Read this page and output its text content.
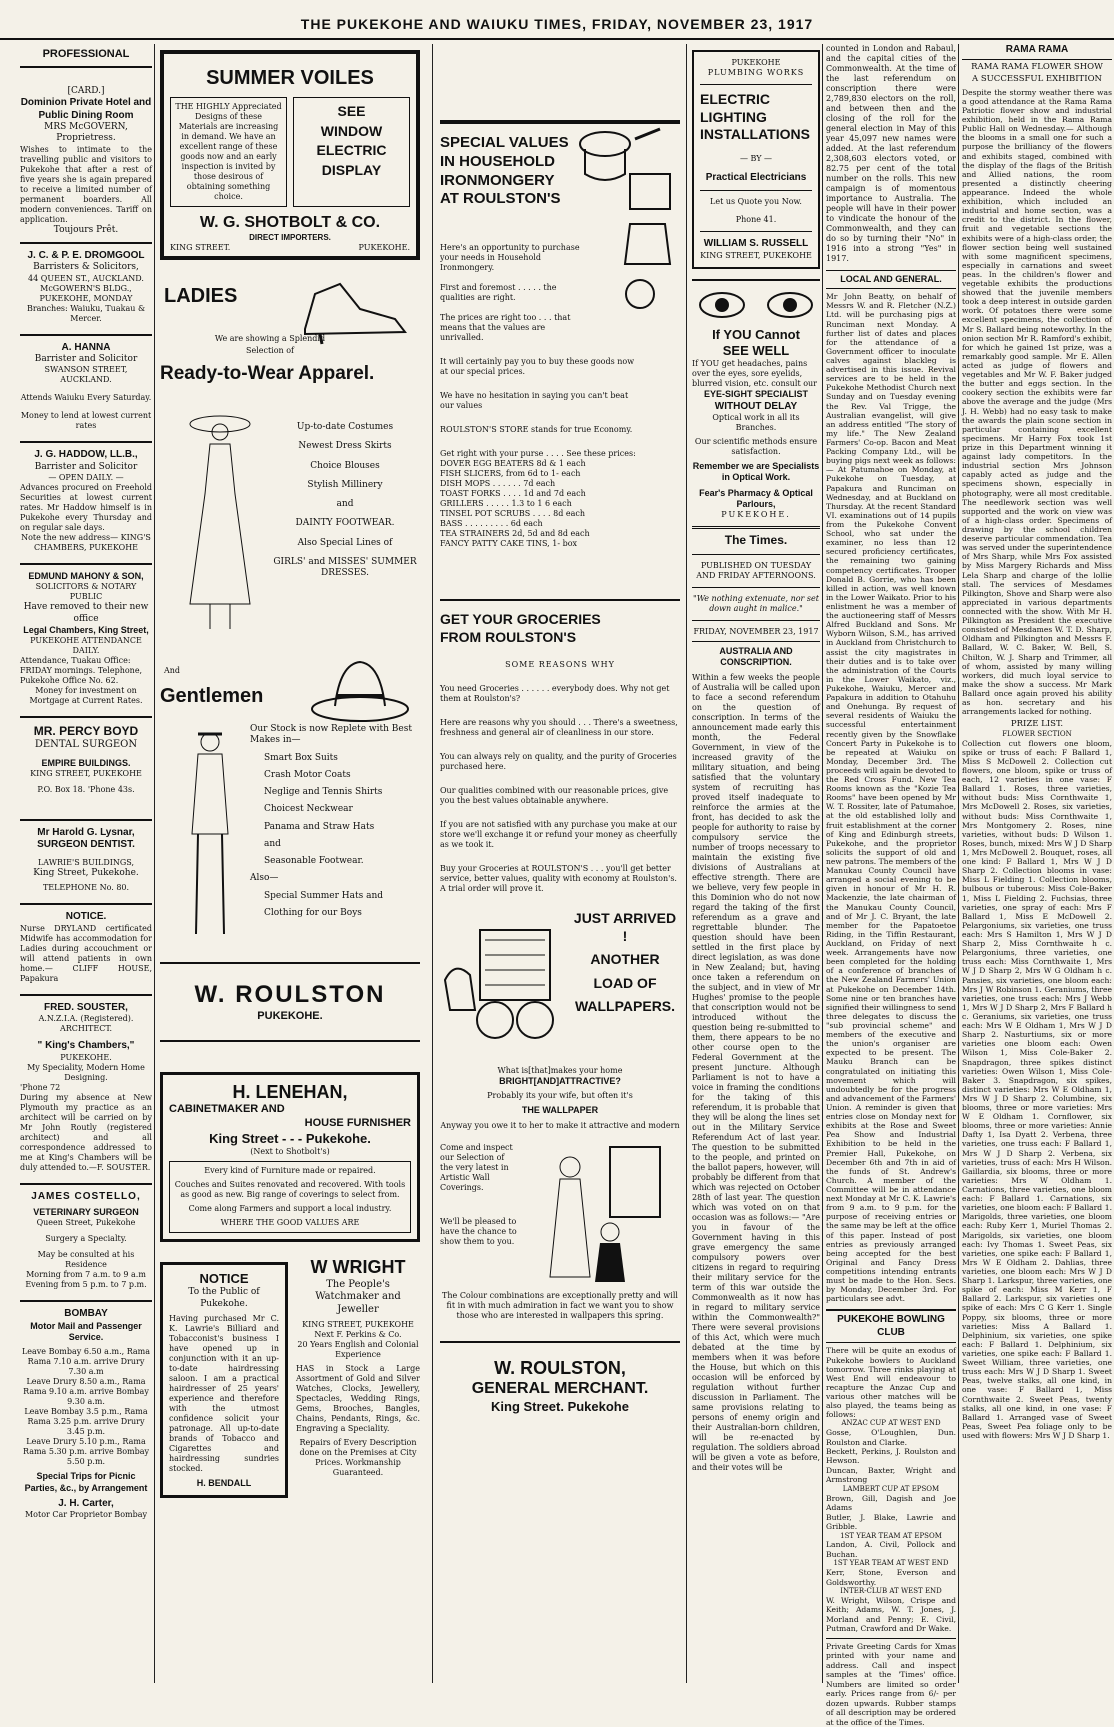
THE PUKEKOHE AND WAIUKU TIMES, FRIDAY, NOVEMBER 23, 1917
PROFESSIONAL
[CARD.]
Dominion Private Hotel and Public Dining Room
MRS McGOVERN, Proprietress.
Wishes to intimate to the travelling public and visitors to Pukekohe that after a rest of five years she is again prepared to receive a limited number of permanent boarders. All modern conveniences. Tariff on application.
Toujours Prêt.
J. C. & P. E. DROMGOOL
Barristers & Solicitors,
44 QUEEN ST., AUCKLAND. McGOWERN'S BLDG., PUKEKOHE, MONDAY
Branches: Waiuku, Tuakau & Mercer.
A. HANNA
Barrister and Solicitor
SWANSON STREET, AUCKLAND.
Attends Waiuku Every Saturday.
Money to lend at lowest current rates
J. G. HADDOW, LL.B.,
Barrister and Solicitor
— OPEN DAILY. —
Advances procured on Freehold Securities at lowest current rates. Mr Haddow himself is in Pukekohe every Thursday and on regular sale days.
Note the new address— KING'S CHAMBERS, PUKEKOHE
EDMUND MAHONY & SON,
SOLICITORS & NOTARY PUBLIC
Have removed to their new office
Legal Chambers, King Street,
PUKEKOHE ATTENDANCE DAILY.
Attendance, Tuakau Office: FRIDAY mornings. Telephone, Pukekohe Office No. 62.
Money for investment on Mortgage at Current Rates.
MR. PERCY BOYD
DENTAL SURGEON
EMPIRE BUILDINGS.
KING STREET, PUKEKOHE
P.O. Box 18. 'Phone 43s.
Mr Harold G. Lysnar,
SURGEON DENTIST.
LAWRIE'S BUILDINGS,
King Street, Pukekohe.
TELEPHONE No. 80.
NOTICE.
Nurse DRYLAND certificated Midwife has accommodation for Ladies during accouchment or will attend patients in own home.— CLIFF HOUSE, Papakura
FRED. SOUSTER,
A.N.Z.I.A. (Registered). ARCHITECT.
" King's Chambers,"
PUKEKOHE.
My Speciality, Modern Home Designing.
'Phone 72
During my absence at New Plymouth my practice as an architect will be carried on by Mr John Routly (registered architect) and all correspondence addressed to me at King's Chambers will be duly attended to.—F. SOUSTER.
JAMES COSTELLO,
VETERINARY SURGEON
Queen Street, Pukekohe
Surgery a Specialty.
May be consulted at his Residence
Morning from 7 a.m. to 9 a.m
Evening from 5 p.m. to 7 p.m.
BOMBAY
Motor Mail and Passenger Service.
Leave Bombay 6.50 a.m., Rama Rama 7.10 a.m. arrive Drury 7.30 a.m
Leave Drury 8.50 a.m., Rama Rama 9.10 a.m. arrive Bombay 9.30 a.m.
Leave Bombay 3.5 p.m., Rama Rama 3.25 p.m. arrive Drury 3.45 p.m.
Leave Drury 5.10 p.m., Rama Rama 5.30 p.m. arrive Bombay 5.50 p.m.
Special Trips for Picnic Parties, &c., by Arrangement
J. H. Carter,
Motor Car Proprietor Bombay
SUMMER VOILES
THE HIGHLY Appreciated Designs of these Materials are increasing in demand. We have an excellent range of these goods now and an early inspection is invited by those desirous of obtaining something choice.
SEE
WINDOW
ELECTRIC
DISPLAY
W. G. SHOTBOLT & CO.
DIRECT IMPORTERS.
KING STREET.	PUKEKOHE.
LADIES
We are showing a Splendid
Selection of
Ready-to-Wear Apparel.
Up-to-date Costumes
Newest Dress Skirts
Choice Blouses
Stylish Millinery
and
DAINTY FOOTWEAR.
Also Special Lines of
GIRLS' and MISSES' SUMMER DRESSES.
And
Gentlemen
Our Stock is now Replete with Best Makes in—
Smart Box Suits
Crash Motor Coats
Neglige and Tennis Shirts
Choicest Neckwear
Panama and Straw Hats
and
Seasonable Footwear.
Also—
Special Summer Hats and
Clothing for our Boys
W. ROULSTON
PUKEKOHE.
H. LENEHAN,
CABINETMAKER AND
HOUSE FURNISHER
King Street - - - Pukekohe.
(Next to Shotbolt's)
Every kind of Furniture made or repaired.
Couches and Suites renovated and recovered. With tools as good as new. Big range of coverings to select from.
Come along Farmers and support a local industry.
WHERE THE GOOD VALUES ARE
NOTICE
To the Public of Pukekohe.
Having purchased Mr C. K. Lawrie's Billiard and Tobacconist's business I have opened up in conjunction with it an up-to-date hairdressing saloon. I am a practical hairdresser of 25 years' experience and therefore with the utmost confidence solicit your patronage. All up-to-date brands of Tobacco and Cigarettes and hairdressing sundries stocked.
H. BENDALL
W WRIGHT
The People's Watchmaker and Jeweller
KING STREET, PUKEKOHE
Next F. Perkins & Co.
20 Years English and Colonial Experience
HAS in Stock a Large Assortment of Gold and Silver Watches, Clocks, Jewellery, Spectacles, Wedding Rings, Gems, Brooches, Bangles, Chains, Pendants, Rings, &c. Engraving a Speciality.
Repairs of Every Description done on the Premises at City Prices. Workmanship Guaranteed.
SPECIAL VALUES
IN HOUSEHOLD
IRONMONGERY
AT ROULSTON'S
Here's an opportunity to purchase your needs in Household Ironmongery.
First and foremost . . . . . the qualities are right.
The prices are right too . . . that means that the values are unrivalled.
It will certainly pay you to buy these goods now at our special prices.
We have no hesitation in saying you can't beat our values
ROULSTON'S STORE stands for true Economy.
Get right with your purse . . . . See these prices:
DOVER EGG BEATERS 8d & 1 each
FISH SLICERS, from 6d to 1- each
DISH MOPS . . . . . . 7d each
TOAST FORKS . . . . 1d and 7d each
GRILLERS . . . . . 1.3 to 1 6 each
TINSEL POT SCRUBS . . . . 8d each
BASS . . . . . . . . . 6d each
TEA STRAINERS 2d, 5d and 8d each
FANCY PATTY CAKE TINS, 1- box
GET YOUR GROCERIES
FROM ROULSTON'S
SOME REASONS WHY
You need Groceries . . . . . . everybody does. Why not get them at Roulston's?
Here are reasons why you should . . . There's a sweetness, freshness and general air of cleanliness in our store.
You can always rely on quality, and the purity of Groceries purchased here.
Our qualities combined with our reasonable prices, give you the best values obtainable anywhere.
If you are not satisfied with any purchase you make at our store we'll exchange it or refund your money as cheerfully as we took it.
Buy your Groceries at ROULSTON'S . . . you'll get better service, better values, quality with economy at Roulston's. A trial order will prove it.
JUST ARRIVED !
ANOTHER
LOAD OF
WALLPAPERS.
What is[that]makes your home
BRIGHT[AND]ATTRACTIVE?
Probably its your wife, but often it's
THE WALLPAPER
Anyway you owe it to her to make it attractive and modern
Come and inspect our Selection of the very latest in Artistic Wall Coverings.
We'll be pleased to have the chance to show them to you.
The Colour combinations are exceptionally pretty and will fit in with much admiration in fact we want you to show those who are interested in wallpapers this spring.
W. ROULSTON,
GENERAL MERCHANT.
King Street. Pukekohe
PUKEKOHE
PLUMBING WORKS
ELECTRIC
LIGHTING
INSTALLATIONS
— BY —
Practical Electricians
Let us Quote you Now.
Phone 41.
WILLIAM S. RUSSELL
KING STREET, PUKEKOHE
If YOU Cannot
SEE WELL
If YOU get headaches, pains over the eyes, sore eyelids, blurred vision, etc. consult our
EYE-SIGHT SPECIALIST
WITHOUT DELAY
Optical work in all its Branches.
Our scientific methods ensure satisfaction.
Remember we are Specialists in Optical Work.
Fear's Pharmacy & Optical Parlours,
PUKEKOHE.
The Times.
PUBLISHED ON TUESDAY AND FRIDAY AFTERNOONS.
"We nothing extenuate, nor set down aught in malice."
FRIDAY, NOVEMBER 23, 1917
AUSTRALIA AND CONSCRIPTION.
Within a few weeks the people of Australia will be called upon to face a second referendum on the question of conscription. In terms of the announcement made early this month, the Federal Government, in view of the increased gravity of the military situation, and being satisfied that the voluntary system of recruiting has proved itself inadequate to reinforce the armies at the front, has decided to ask the people for authority to raise by compulsory service the number of troops necessary to maintain the existing five divisions of Australians at effective strength. There are we believe, very few people in this Dominion who do not now regard the taking of the first referendum as a grave and regrettable blunder. The question should have been settled in the first place by direct legislation, as was done in New Zealand; but, having once taken a referendum on the subject, and in view of Mr Hughes' promise to the people that conscription would not be introduced without the question being re-submitted to them, there appears to be no other course open to the Federal Government at the present juncture. Although Parliament is not to have a voice in framing the conditions for the taking of this referendum, it is probable that they will be along the lines set out in the Military Service Referendum Act of last year. The question to be submitted to the people, and printed on the ballot papers, however, will probably be different from that which was rejected on October 28th of last year. The question which was voted on on that occasion was as follows:— "Are you in favour of the Government having in this grave emergency the same compulsory powers over citizens in regard to requiring their military service for the term of this war outside the Commonwealth as it now has in regard to military service within the Commonwealth?" There were several provisions of this Act, which were much debated at the time by members when it was before the House, but which on this occasion will be enforced by regulation without further discussion in Parliament. The same provisions relating to persons of enemy origin and their Australian-born children, will be re-enacted by regulation. The soldiers abroad will be given a vote as before, and their votes will be
counted in London and Rabaul, and the capital cities of the Commonwealth. At the time of the last referendum on conscription there were 2,789,830 electors on the roll, and between then and the closing of the roll for the general election in May of this year 45,097 new names were added. At the last referendum 2,308,603 electors voted, or 82.75 per cent of the total number on the rolls. This new campaign is of momentous importance to Australia. The people will have in their power to vindicate the honour of the Commonwealth, and they can do so by turning their "No" in 1916 into a strong "Yes" in 1917.
LOCAL AND GENERAL.
Mr John Beatty, on behalf of Messrs W. and R. Fletcher (N.Z.) Ltd. will be purchasing pigs at Runciman next Monday. A further list of dates and places for the attendance of a Government officer to inoculate calves against blackleg is advertised in this issue. Revival services are to be held in the Pukekohe Methodist Church next Sunday and on Tuesday evening the Rev. Val Trigge, the Australian evangelist, will give an address entitled "The story of my life." The New Zealand Farmers' Co-op. Bacon and Meat Packing Company Ltd., will be buying pigs next week as follows:— At Patumahoe on Monday, at Pukekohe on Tuesday, at Papakura and Runciman on Wednesday, and at Buckland on Thursday. At the recent Standard VI. examinations out of 14 pupils from the Pukekohe Convent School, who sat under the examiner, no less than 12 secured proficiency certificates, the remaining two gaining competency certificates. Trooper Donald B. Gorrie, who has been killed in action, was well known in the Lower Waikato. Prior to his enlistment he was a member of the auctioneering staff of Messrs Alfred Buckland and Sons. Mr Wyborn Wilson, S.M., has arrived in Auckland from Christchurch to assist the city magistrates in their duties and is to take over the administration of the Courts in the Lower Waikato, viz., Pukekohe, Waiuku, Mercer and Papakura in addition to Otahuhu and Onehunga. By request of several residents of Waiuku the successful entertainment recently given by the Snowflake Concert Party in Pukekohe is to be repeated at Waiuku on Monday, December 3rd. The proceeds will again be devoted to the Red Cross Fund. New Tea Rooms known as the "Kozie Tea Rooms" have been opened by Mr W. T. Rossiter, late of Patumahoe, at the old established lolly and fruit establishment at the corner of King and Edinburgh streets, Pukekohe, and the proprietor solicits the support of old and new patrons. The members of the Manukau County Council have arranged a social evening to be given in honour of Mr H. R. Mackenzie, the late chairman of the Manukau County Council, and of Mr J. C. Bryant, the late member for the Papatoetoe Riding, in the Tiffin Restaurant, Auckland, on Friday of next week. Arrangements have now been completed for the holding of a conference of branches of the New Zealand Farmers' Union at Pukekohe on December 14th. Some nine or ten branches have signified their willingness to send three delegates to discuss the "sub provincial scheme" and members of the executive and the union's organiser are expected to be present. The Mauku Branch can be congratulated on initiating this movement which will undoubtedly be for the progress and advancement of the Farmers' Union. A reminder is given that entries close on Monday next for exhibits at the Rose and Sweet Pea Show and Industrial Exhibition to be held in the Premier Hall, Pukekohe, on December 6th and 7th in aid of the funds of St. Andrew's Church. A member of the Committee will be in attendance next Monday at Mr C. K. Lawrie's from 9 a.m. to 9 p.m. for the purpose of receiving entries or the same may be left at the office of this paper. Instead of post entries as previously arranged being accepted for the best Original and Fancy Dress competitions intending entrants must be made to the Hon. Secs. by Monday, December 3rd. For particulars see advt.
PUKEKOHE BOWLING CLUB
There will be quite an exodus of Pukekohe bowlers to Auckland tomorrow. Three rinks playing at West End will endeavour to recapture the Anzac Cup and various other matches will be also played, the teams being as follows:
ANZAC CUP AT WEST END
Gosse, O'Loughlen, Dun. Roulston and Clarke.
Beckett, Perkins, J. Roulston and Hewson.
Duncan, Baxter, Wright and Armstrong
LAMBERT CUP AT EPSOM
Brown, Gill, Dagish and Joe Adams
Butler, J. Blake, Lawrie and Gribble.
1ST YEAR TEAM AT EPSOM
Landon, A. Civil, Pollock and Buchan.
1ST YEAR TEAM AT WEST END
Kerr, Stone, Everson and Goldsworthy.
INTER-CLUB AT WEST END
W. Wright, Wilson, Crispe and Keith; Adams, W. T. Jones, J. Morland and Penny; E. Civil, Putman, Crawford and Dr Wake.
Private Greeting Cards for Xmas printed with your name and address. Call and inspect samples at the 'Times' office. Numbers are limited so order early. Prices range from 6/- per dozen upwards. Rubber stamps of all description may be ordered at the office of the Times.
RAMA RAMA
RAMA RAMA FLOWER SHOW
A SUCCESSFUL EXHIBITION
Despite the stormy weather there was a good attendance at the Rama Rama Patriotic flower show and industrial exhibition, held in the Rama Rama Public Hall on Wednesday.— Although the blooms in a small one for such a purpose the brilliancy of the flowers and exhibits staged, combined with the display of the flags of the British and Allied nations, the room presented a distinctly cheering appearance. Indeed the whole exhibition, which included an industrial and home section, was a credit to the district. In the flower, fruit and vegetable sections the exhibits were of a high-class order, the flower section being well sustained with some magnificent specimens, especially in carnations and sweet peas. In the children's flower and vegetable exhibits the productions showed that the juvenile members took a deep interest in outside garden work. Of potatoes there were some excellent specimens, the collection of Mr S. Ballard being noteworthy. In the onion section Mr R. Ramford's exhibit, for which he gained 1st prize, was a remarkably good sample. Mr E. Allen acted as judge of flowers and vegetables and Mr W. F. Baker judged the butter and eggs section. In the cookery section the exhibits were far above the average and the judge (Mrs J. H. Webb) had no easy task to make the awards the plain scone section in particular containing excellent specimens. Mr Harry Fox took 1st prize in this Department winning it against lady competitors. In the industrial section Mrs Johnson capably acted as judge and the specimens shown, especially in photography, were all most creditable. The needlework section was well supported and the work on view was of a high-class order. Specimens of drawing by the school children deserve particular commendation. Tea was served under the superintendence of Mrs Sharp, while Mrs Fox assisted by Miss Margery Richards and Miss Lela Sharp and charge of the lollie stall. The services of Mesdames Pilkington, Shove and Sharp were also appreciated in various departments connected with the show. With Mr H. Pilkington as President the executive consisted of Mesdames W. T. D. Sharp, Oldham and Pilkington and Messrs F. Ballard, W. C. Baker, W. Bell, S. Chilton, W. J. Sharp and Trimmer, all of whom, assisted by many willing workers, did much loyal service to make the show a success. Mr Mark Ballard once again proved his ability as hon. secretary and his arrangements lacked for nothing.
PRIZE LIST.
FLOWER SECTION
Collection cut flowers one bloom, spike or truss of each: F Ballard 1, Miss S McDowell 2. Collection cut flowers, one bloom, spike or truss of each, 12 varieties in one vase: F Ballard 1. Roses, three varieties, without buds: Miss Cornthwaite 1, Mrs McDowell 2. Roses, six varieties, without buds: Miss Cornthwaite 1, Mrs Montgomery 2. Roses, nine varieties, without buds: D Wilson 1. Roses, bunch, mixed: Mrs W J D Sharp 1, Mrs McDowell 2. Bouquet, roses, all one kind: F Ballard 1, Mrs W J D Sharp 2. Collection blooms in vase: Miss L Fielding 1. Collection blooms, bulbous or tuberous: Miss Cole-Baker 1, Miss L Fielding 2. Fuchsias, three varieties, one spray of each: Mrs F Ballard 1, Miss E McDowell 2. Pelargoniums, six varieties, one truss each: Mrs S Hamilton 1, Mrs W J D Sharp 2, Miss Cornthwaite h c. Pelargoniums, three varieties, one truss each: Miss Cornthwaite 1, Mrs W J D Sharp 2, Mrs W G Oldham h c. Pansies, six varieties, one bloom each: Mrs J W Robinson 1. Geraniums, three varieties, one truss each: Mrs J Webb 1, Mrs W J D Sharp 2, Mrs F Ballard h c. Geraniums, six varieties, one truss each: Mrs W E Oldham 1, Mrs W J D Sharp 2. Nasturtiums, six or more varieties one bloom each: Owen Wilson 1, Miss Cole-Baker 2. Snapdragon, three spikes distinct varieties: Owen Wilson 1, Miss Cole-Baker 3. Snapdragon, six spikes, distinct varieties: Mrs W E Oldham 1, Mrs W J D Sharp 2. Columbine, six blooms, three or more varieties: Mrs W E Oldham 1. Cornflower, six blooms, three or more varieties: Annie Dafty 1, Isa Dyatt 2. Verbena, three varieties, one truss each: F Ballard 1, Mrs W J D Sharp 2. Verbena, six varieties, truss of each: Mrs H Wilson. Gaillardia, six blooms, three or more varieties: Mrs W Oldham 1. Carnations, three varieties, one bloom each: F Ballard 1. Carnations, six varieties, one bloom each: F Ballard 1. Marigolds, three varieties, one bloom each: Ruby Kerr 1, Muriel Thomas 2. Marigolds, six varieties, one bloom each: Ivy Thomas 1. Sweet Peas, six varieties, one spike each: F Ballard 1, Mrs W E Oldham 2. Dahlias, three varieties, one bloom each: Mrs W J D Sharp 1. Larkspur, three varieties, one spike of each: Miss M Kerr 1, F Ballard 2. Larkspur, six varieties one spike of each: Mrs C G Kerr 1. Single Poppy, six blooms, three or more varieties: Miss A Ballard 1. Delphinium, six varieties, one spike each: F Ballard 1. Delphinium, six varieties, one spike each: F Ballard 1. Sweet William, three varieties, one truss each: Mrs W J D Sharp 1. Sweet Peas, twelve stalks, all one kind, in one vase: F Ballard 1, Miss Cornthwaite 2. Sweet Peas, twenty stalks, all one kind, in one vase: F Ballard 1. Arranged vase of Sweet Peas, Sweet Pea foliage only to be used with flowers: Mrs W J D Sharp 1.
